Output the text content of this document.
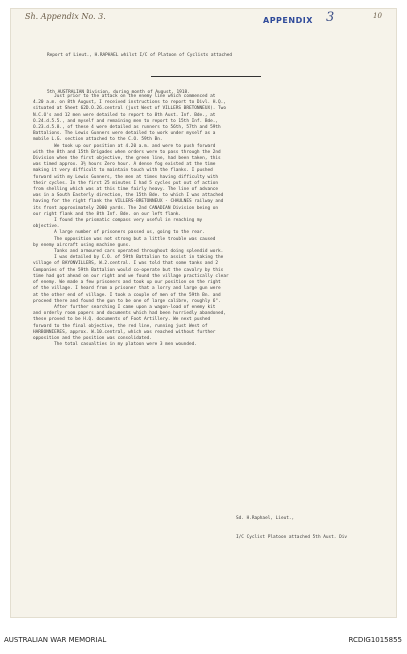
Sh. Appendix No. 3.	APPENDIX 3	10

Report of Lieut., H.RAPHAEL whilst I/C of Platoon of Cyclists attached

5th AUSTRALIAN Division, during month of August, 1918.

Just prior to the attack on the enemy line which commenced at
4.20 a.m. on 8th August, I received instructions to report to Divl. H.Q.,
situated at Sheet 62D.O.26.central (just West of VILLERS BRETONNEUX). Two
N.C.O's and 12 men were detailed to report to 8th Aust. Inf. Bde., at
O.24.d.5.5., and myself and remaining men to report to 15th Inf. Bde.,
O.23.d.5.8., of these 4 were detailed as runners to 56th, 57th and 59th
Battalions. The Lewis Gunners were detailed to work under myself as a
mobile L.G. section attached to the C.O. 59th Bn.
We took up our position at 4.20 a.m. and were to push forward
with the 8th and 15th Brigades when orders were to pass through the 2nd
Division when the first objective, the green line, had been taken, this
was timed approx. 3½ hours Zero hour. A dense fog existed at the time
making it very difficult to maintain touch with the flanks. I pushed
forward with my Lewis Gunners, the men at times having difficulty with
their cycles. In the first 25 minutes I had 5 cycles put out of action
from shelling which was at this time fairly heavy. The line of advance
was in a South Easterly direction, the 15th Bde. to which I was attached
having for the right flank the VILLERS-BRETONNEUX - CHAULNES railway and
its front approximately 2000 yards. The 2nd CANADIAN Division being on
our right flank and the 8th Inf. Bde. on our left flank.
I found the prismatic compass very useful in reaching my
objective.
A large number of prisoners passed us, going to the rear.
The opposition was not strong but a little trouble was caused
by enemy aircraft using machine guns.
Tanks and armoured cars operated throughout doing splendid work.
I was detailed by C.O. of 59th Battalion to assist in taking the
village of BAYONVILLERS, W.2.central. I was told that some tanks and 2
Companies of the 59th Battalion would co-operate but the cavalry by this
time had got ahead on our right and we found the village practically clear
of enemy. We made a few prisoners and took up our position on the right
of the village. I heard from a prisoner that a lorry and large gun were
at the other end of village. I took a couple of men of the 59th Bn. and
proceed there and found the gun to be one of large calibre, roughly 6".
After further searching I came upon a wagon-load of enemy kit
and orderly room papers and documents which had been hurriedly abandoned,
these proved to be H.Q. documents of Foot Artillery. We next pushed
forward to the final objective, the red line, running just West of
HARBONNIERES, approx. W.10.central, which was reached without further
opposition and the position was consolidated.
The total casualties in my platoon were 3 men wounded.

Sd. H.Raphael, Lieut.,

I/C Cyclist Platoon attached 5th Aust. Div

AUSTRALIAN WAR MEMORIAL	RCDIG1015855
